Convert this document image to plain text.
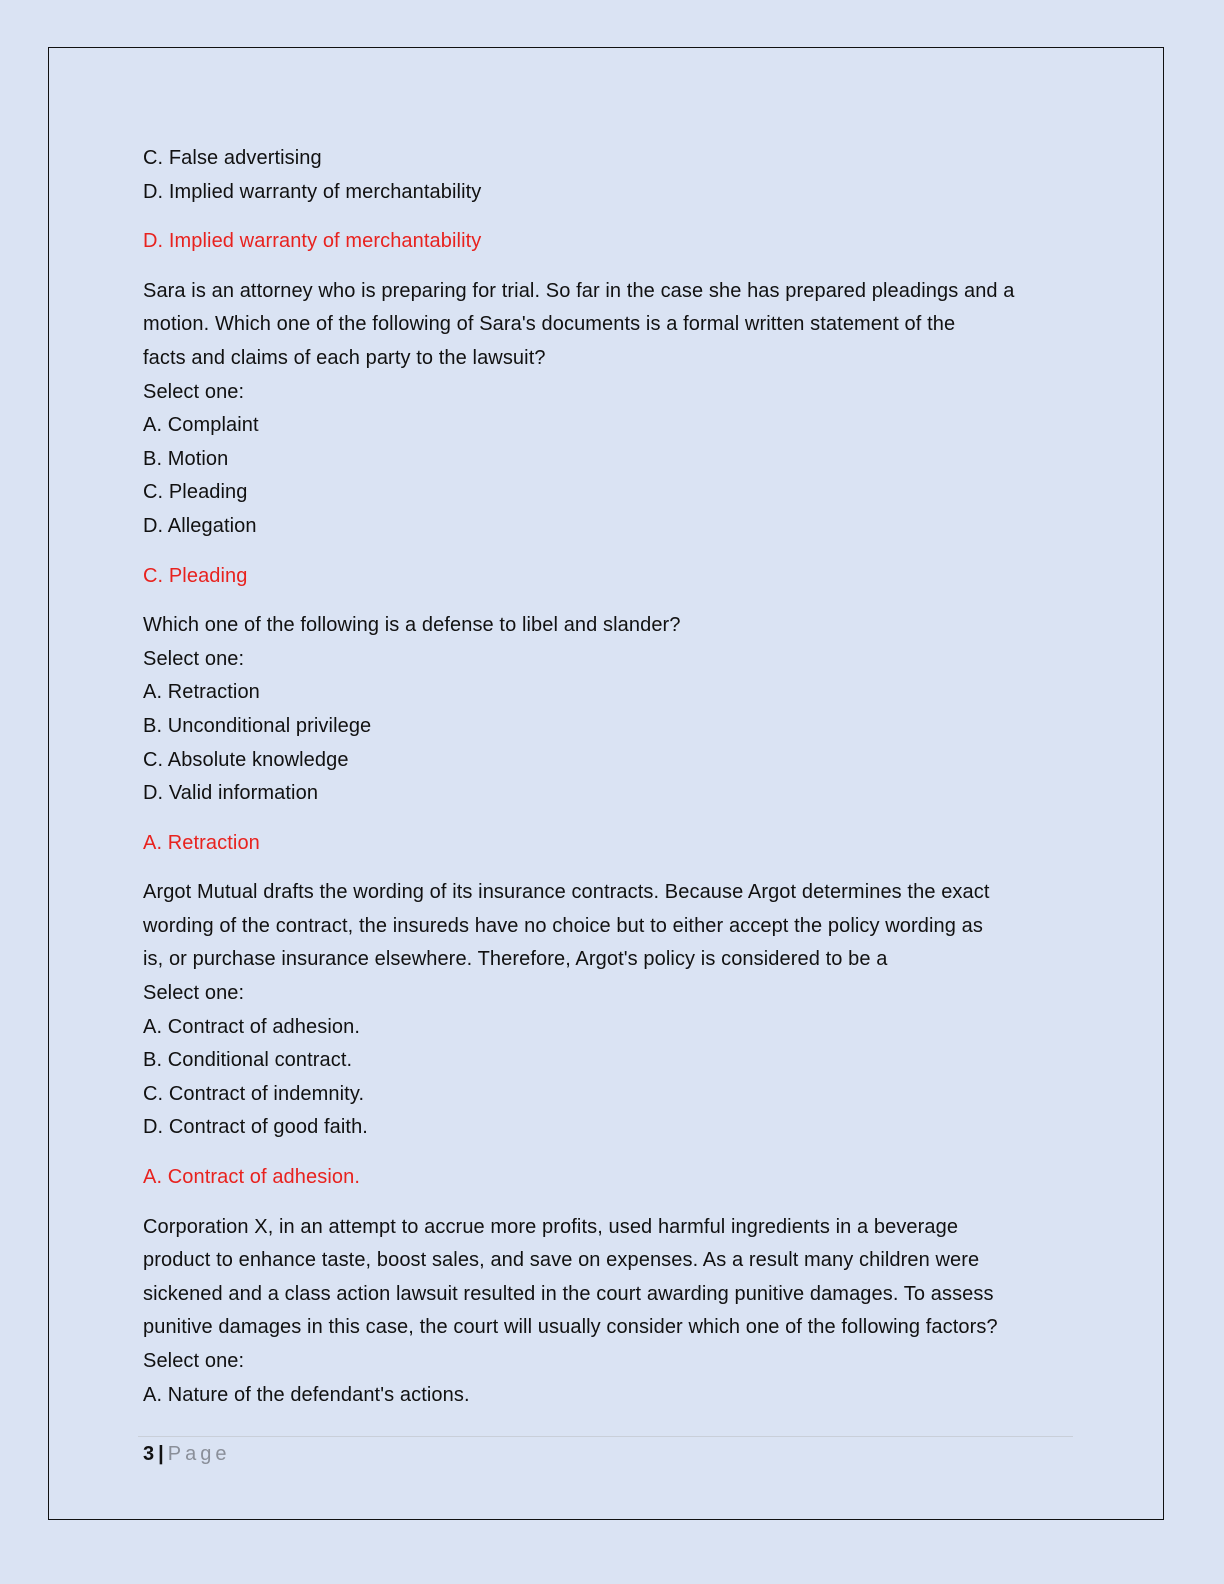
C. False advertising
D. Implied warranty of merchantability
D. Implied warranty of merchantability
Sara is an attorney who is preparing for trial. So far in the case she has prepared pleadings and a
motion. Which one of the following of Sara's documents is a formal written statement of the
facts and claims of each party to the lawsuit?
Select one:
A. Complaint
B. Motion
C. Pleading
D. Allegation
C. Pleading
Which one of the following is a defense to libel and slander?
Select one:
A. Retraction
B. Unconditional privilege
C. Absolute knowledge
D. Valid information
A. Retraction
Argot Mutual drafts the wording of its insurance contracts. Because Argot determines the exact
wording of the contract, the insureds have no choice but to either accept the policy wording as
is, or purchase insurance elsewhere. Therefore, Argot's policy is considered to be a
Select one:
A. Contract of adhesion.
B. Conditional contract.
C. Contract of indemnity.
D. Contract of good faith.
A. Contract of adhesion.
Corporation X, in an attempt to accrue more profits, used harmful ingredients in a beverage
product to enhance taste, boost sales, and save on expenses. As a result many children were
sickened and a class action lawsuit resulted in the court awarding punitive damages. To assess
punitive damages in this case, the court will usually consider which one of the following factors?
Select one:
A. Nature of the defendant's actions.
3 | Page
